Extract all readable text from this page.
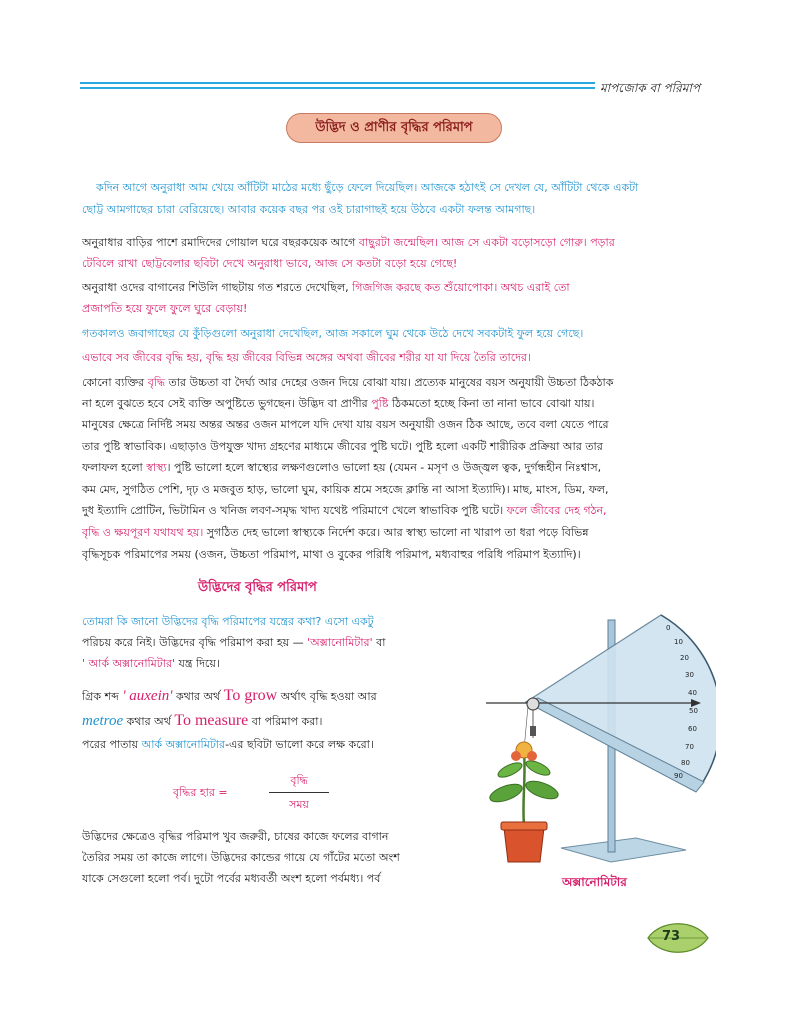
মাপজোক বা পরিমাপ
উদ্ভিদ ও প্রাণীর বৃদ্ধির পরিমাপ

কদিন আগে অনুরাধা আম খেয়ে আঁটিটা মাঠের মধ্যে ছুঁড়ে ফেলে দিয়েছিল। আজকে হঠাৎই সে দেখল যে, আঁটিটা থেকে একটা

ছোট্ট আমগাছের চারা বেরিয়েছে। আবার কয়েক বছর পর ওই চারাগাছই হয়ে উঠবে একটা ফলন্ত আমগাছ।

অনুরাধার বাড়ির পাশে রমাদিদের গোয়াল ঘরে বছরকয়েক আগে বাছুরটা জন্মেছিল। আজ সে একটা বড়োসড়ো গোরু। পড়ার

টেবিলে রাখা ছোট্টবেলার ছবিটা দেখে অনুরাধা ভাবে, আজ সে কতটা বড়ো হয়ে গেছে!

অনুরাধা ওদের বাগানের শিউলি গাছটায় গত শরতে দেখেছিল, গিজগিজ করছে কত শুঁয়োপোকা। অথচ এরাই তো

প্রজাপতি হয়ে ফুলে ফুলে ঘুরে বেড়ায়!

গতকালও জবাগাছের যে কুঁড়িগুলো অনুরাধা দেখেছিল, আজ সকালে ঘুম থেকে উঠে দেখে সবকটাই ফুল হয়ে গেছে।

এভাবে সব জীবের বৃদ্ধি হয়, বৃদ্ধি হয় জীবের বিভিন্ন অঙ্গের অথবা জীবের শরীর যা যা দিয়ে তৈরি তাদের।

কোনো ব্যক্তির বৃদ্ধি তার উচ্চতা বা দৈর্ঘ্য আর দেহের ওজন দিয়ে বোঝা যায়। প্রত্যেক মানুষের বয়স অনুযায়ী উচ্চতা ঠিকঠাক

না হলে বুঝতে হবে সেই ব্যক্তি অপুষ্টিতে ভুগছেন। উদ্ভিদ বা প্রাণীর পুষ্টি ঠিকমতো হচ্ছে কিনা তা নানা ভাবে বোঝা যায়।

মানুষের ক্ষেত্রে নির্দিষ্ট সময় অন্তর অন্তর ওজন মাপলে যদি দেখা যায় বয়স অনুযায়ী ওজন ঠিক আছে, তবে বলা যেতে পারে

তার পুষ্টি স্বাভাবিক। এছাড়াও উপযুক্ত খাদ্য গ্রহণের মাধ্যমে জীবের পুষ্টি ঘটে। পুষ্টি হলো একটি শারীরিক প্রক্রিয়া আর তার

ফলাফল হলো স্বাস্থ্য। পুষ্টি ভালো হলে স্বাস্থ্যের লক্ষণগুলোও ভালো হয় (যেমন - মসৃণ ও উজ্জ্বল ত্বক, দুর্গন্ধহীন নিঃশ্বাস,

কম মেদ, সুগঠিত পেশি, দৃঢ় ও মজবুত হাড়, ভালো ঘুম, কায়িক শ্রমে সহজে ক্লান্তি না আসা ইত্যাদি)। মাছ, মাংস, ডিম, ফল,

দুধ ইত্যাদি প্রোটিন, ভিটামিন ও খনিজ লবণ-সমৃদ্ধ খাদ্য যথেষ্ট পরিমাণে খেলে স্বাভাবিক পুষ্টি ঘটে। ফলে জীবের দেহ গঠন,

বৃদ্ধি ও ক্ষয়পূরণ যথাযথ হয়। সুগঠিত দেহ ভালো স্বাস্থ্যকে নির্দেশ করে। আর স্বাস্থ্য ভালো না খারাপ তা ধরা পড়ে বিভিন্ন

বৃদ্ধিসূচক পরিমাপের সময় (ওজন, উচ্চতা পরিমাপ, মাথা ও বুকের পরিধি পরিমাপ, মধ্যবাহুর পরিধি পরিমাপ ইত্যাদি)।

উদ্ভিদের বৃদ্ধির পরিমাপ

তোমরা কি জানো উদ্ভিদের বৃদ্ধি পরিমাপের যন্ত্রের কথা? এসো একটু

পরিচয় করে নিই। উদ্ভিদের বৃদ্ধি পরিমাপ করা হয় — 'অক্সানোমিটার' বা

' আর্ক অক্সানোমিটার' যন্ত্র দিয়ে।

গ্রিক শব্দ ' auxein' কথার অর্থ To grow অর্থাৎ বৃদ্ধি হওয়া আর

metroe কথার অর্থ To measure বা পরিমাপ করা।

পরের পাতায় আর্ক অক্সানোমিটার-এর ছবিটা ভালো করে লক্ষ করো।

বৃদ্ধির হার =
বৃদ্ধি
সময়

উদ্ভিদের ক্ষেত্রেও বৃদ্ধির পরিমাপ খুব জরুরী, চাষের কাজে ফলের বাগান

তৈরির সময় তা কাজে লাগে। উদ্ভিদের কান্ডের গায়ে যে গাঁটের মতো অংশ

যাকে সেগুলো হলো পর্ব। দুটো পর্বের মধ্যবর্তী অংশ হলো পর্বমধ্য। পর্ব

0
10
20
30
40
50
60
70
80
90
অক্সানোমিটার
73
